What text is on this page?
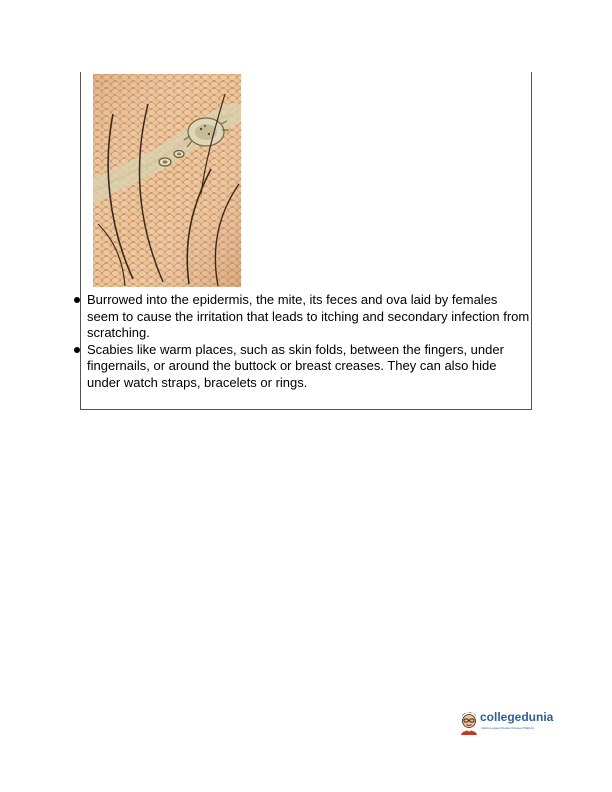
Burrowed into the epidermis, the mite, its feces and ova laid by females seem to cause the irritation that leads to itching and secondary infection from scratching.
Scabies like warm places, such as skin folds, between the fingers, under fingernails, or around the buttock or breast creases. They can also hide under watch straps, bracelets or rings.
collegedunia
India's Largest Student Review Platform
